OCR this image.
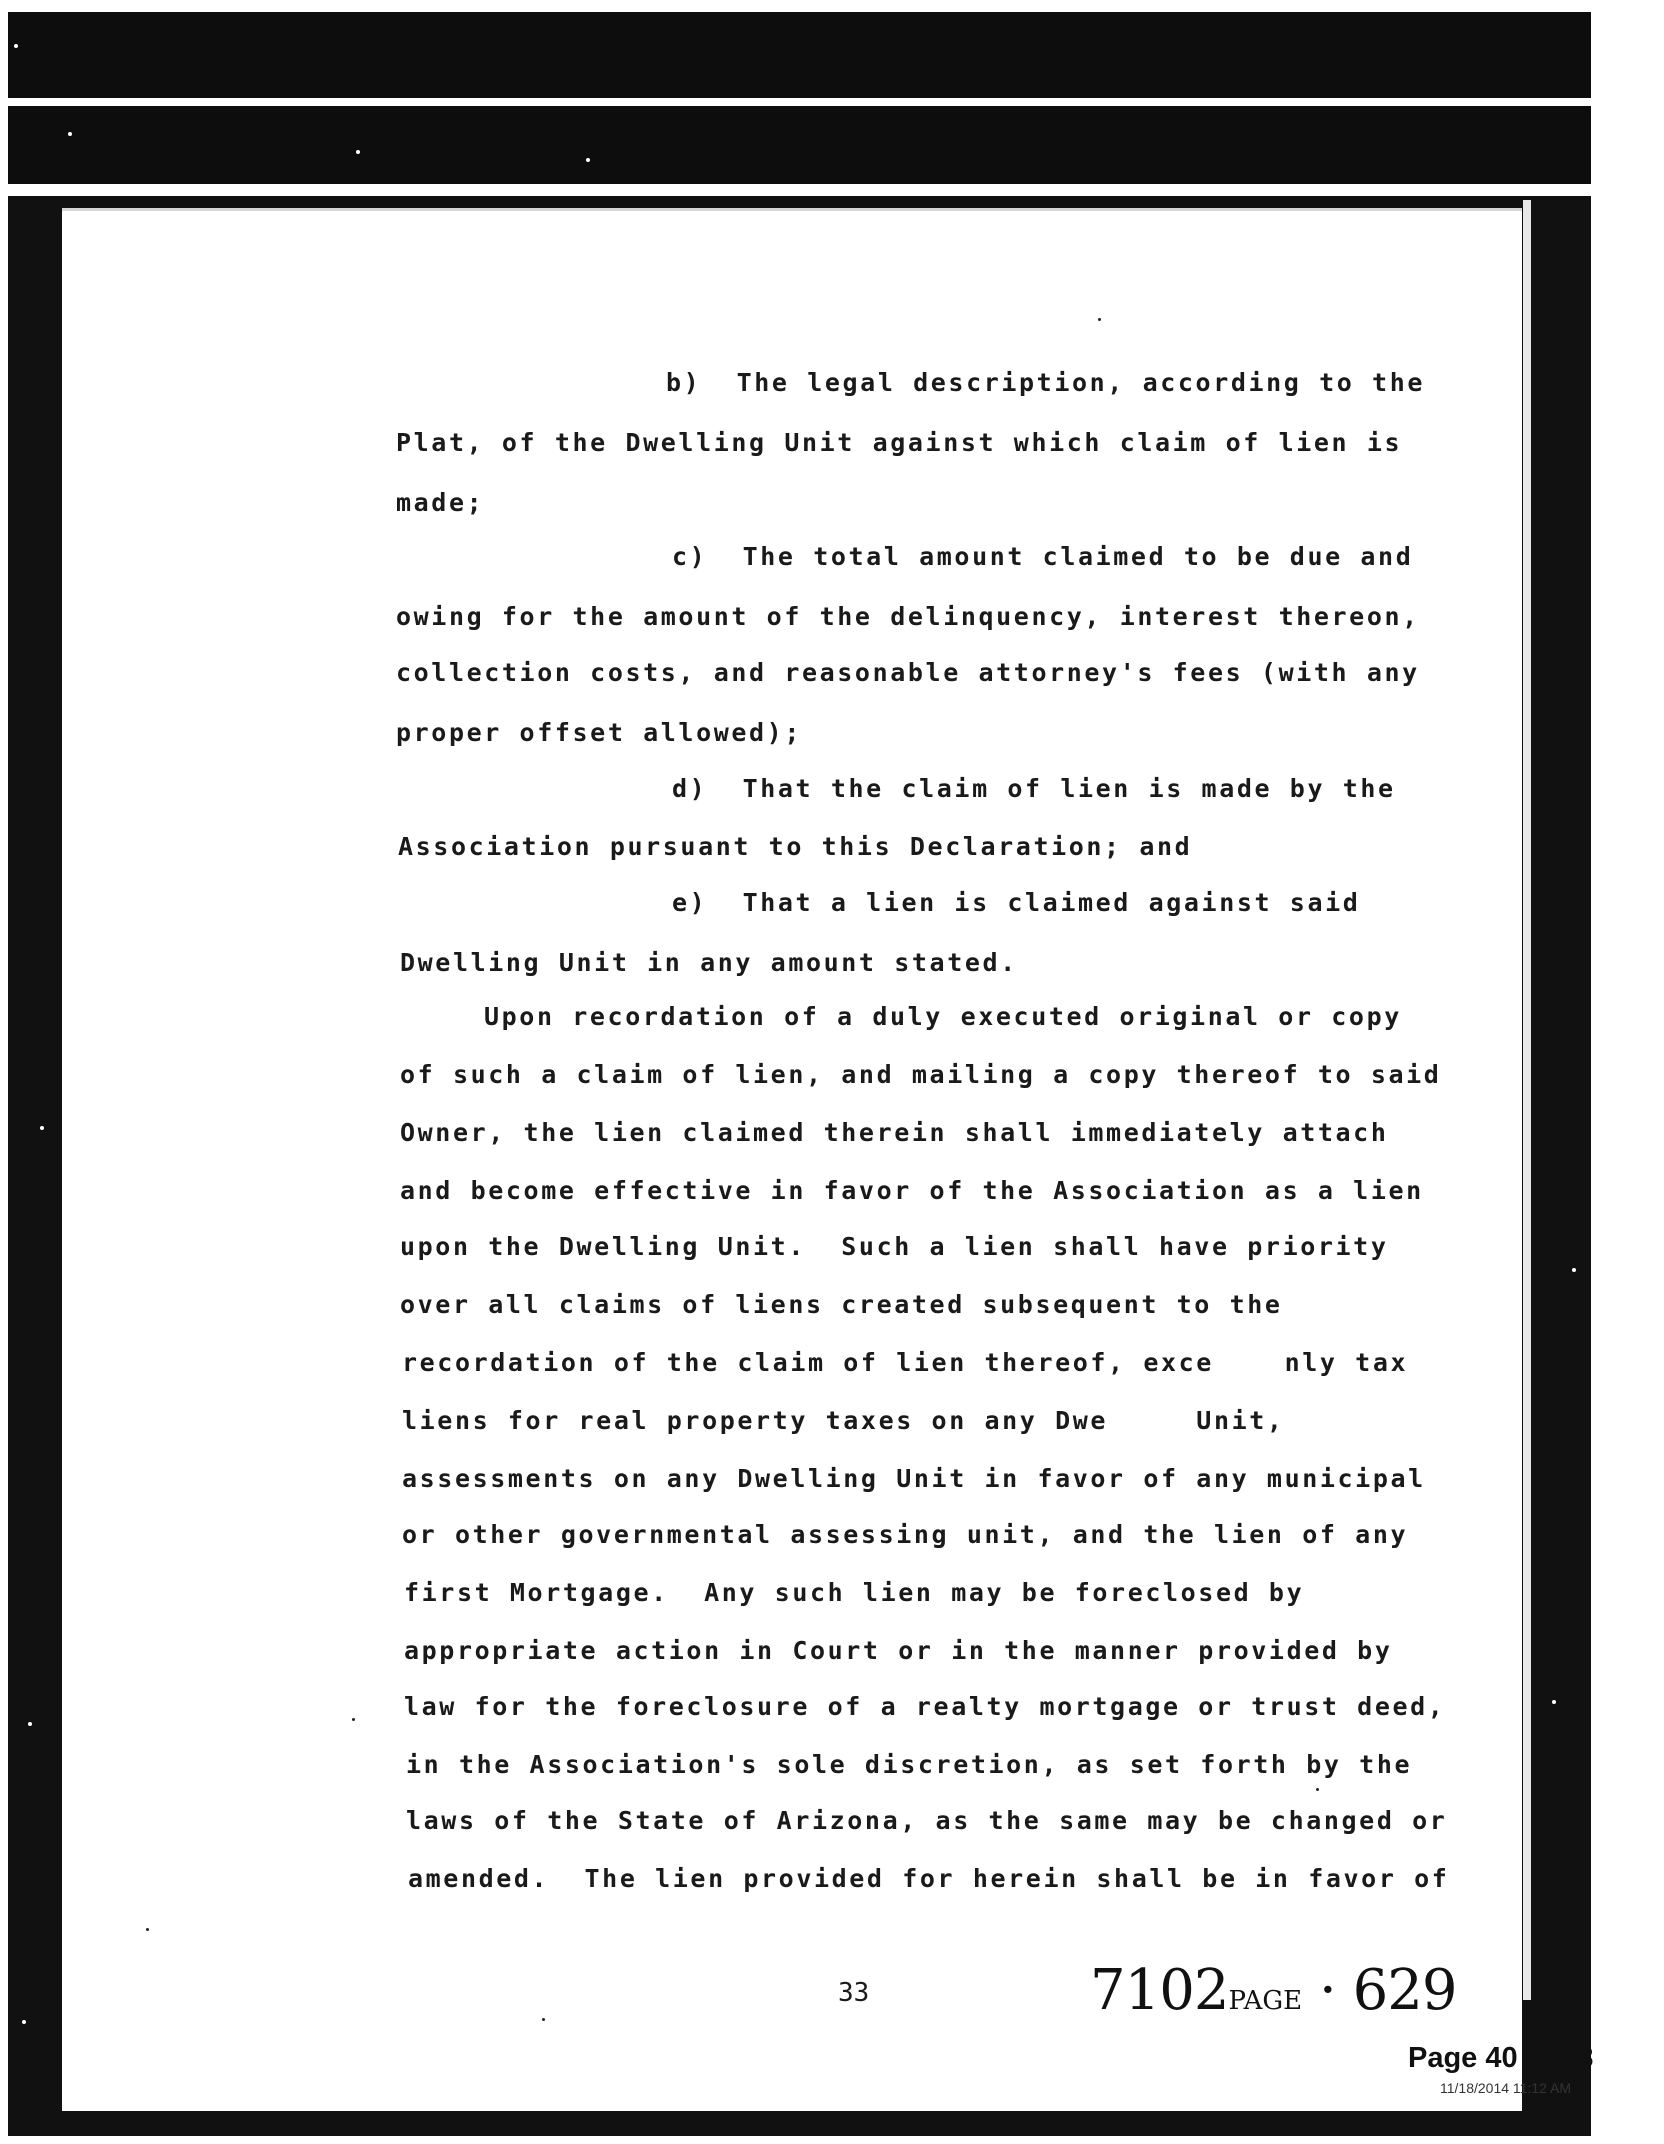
b)  The legal description, according to the
Plat, of the Dwelling Unit against which claim of lien is
made;
c)  The total amount claimed to be due and
owing for the amount of the delinquency, interest thereon,
collection costs, and reasonable attorney's fees (with any
proper offset allowed);
d)  That the claim of lien is made by the
Association pursuant to this Declaration; and
e)  That a lien is claimed against said
Dwelling Unit in any amount stated.
Upon recordation of a duly executed original or copy
of such a claim of lien, and mailing a copy thereof to said
Owner, the lien claimed therein shall immediately attach
and become effective in favor of the Association as a lien
upon the Dwelling Unit.  Such a lien shall have priority
over all claims of liens created subsequent to the
recordation of the claim of lien thereof, exce    nly tax
liens for real property taxes on any Dwe     Unit,
assessments on any Dwelling Unit in favor of any municipal
or other governmental assessing unit, and the lien of any
first Mortgage.  Any such lien may be foreclosed by
appropriate action in Court or in the manner provided by
law for the foreclosure of a realty mortgage or trust deed,
in the Association's sole discretion, as set forth by the
laws of the State of Arizona, as the same may be changed or
amended.  The lien provided for herein shall be in favor of
33	7102PAGE · 629
Page 40 of 68
11/18/2014 11:12 AM
